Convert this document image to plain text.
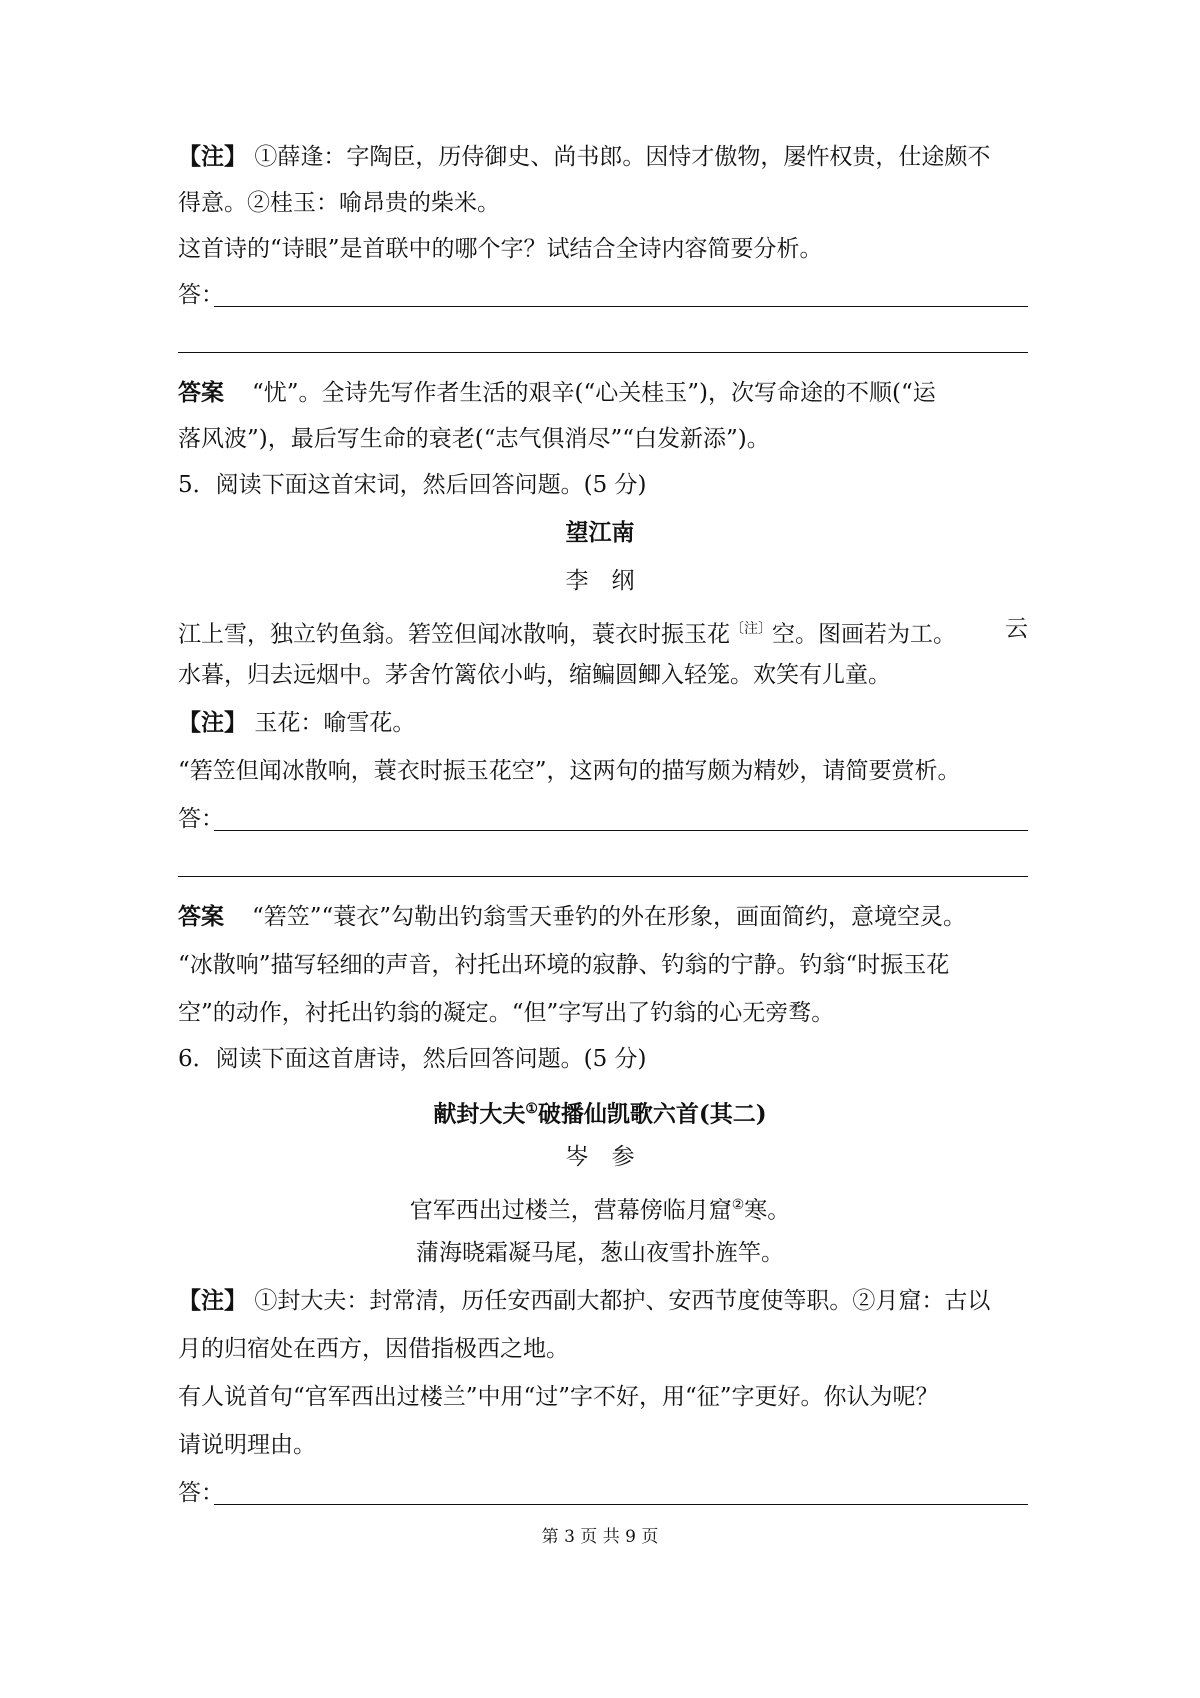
【注】 ①薛逢：字陶臣，历侍御史、尚书郎。因恃才傲物，屡忤权贵，仕途颇不
得意。②桂玉：喻昂贵的柴米。
这首诗的“诗眼”是首联中的哪个字？试结合全诗内容简要分析。
答：
答案 “忧”。全诗先写作者生活的艰辛(“心关桂玉”)，次写命途的不顺(“运
落风波”)，最后写生命的衰老(“志气俱消尽”“白发新添”)。
5．阅读下面这首宋词，然后回答问题。(5 分)
望江南
李　纲
江上雪，独立钓鱼翁。箬笠但闻冰散响，蓑衣时振玉花$^{〔注〕}$空。图画若为工。 云
水暮，归去远烟中。茅舍竹篱依小屿，缩鳊圆鲫入轻笼。欢笑有儿童。
【注】 玉花：喻雪花。
“箬笠但闻冰散响，蓑衣时振玉花空”，这两句的描写颇为精妙，请简要赏析。
答：
答案 “箬笠”“蓑衣”勾勒出钓翁雪天垂钓的外在形象，画面简约，意境空灵。
“冰散响”描写轻细的声音，衬托出环境的寂静、钓翁的宁静。钓翁“时振玉花
空”的动作，衬托出钓翁的凝定。“但”字写出了钓翁的心无旁骛。
6．阅读下面这首唐诗，然后回答问题。(5 分)
献封大夫①破播仙凯歌六首(其二)
岑　参
官军西出过楼兰，营幕傍临月窟②寒。
蒲海晓霜凝马尾，葱山夜雪扑旌竿。
【注】 ①封大夫：封常清，历任安西副大都护、安西节度使等职。②月窟：古以
月的归宿处在西方，因借指极西之地。
有人说首句“官军西出过楼兰”中用“过”字不好，用“征”字更好。你认为呢？
请说明理由。
答：
第 3 页 共 9 页
